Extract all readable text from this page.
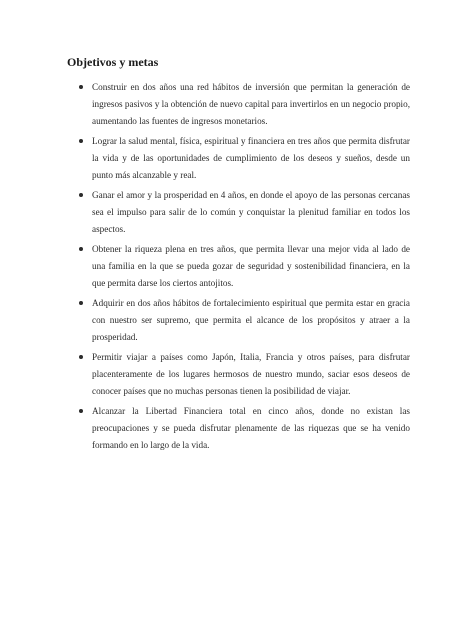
Objetivos y metas
Construir en dos años una red hábitos de inversión que permitan la generación de ingresos pasivos y la obtención de nuevo capital para invertirlos en un negocio propio, aumentando las fuentes de ingresos monetarios.
Lograr la salud mental, física, espiritual y financiera en tres años que permita disfrutar la vida y de las oportunidades de cumplimiento de los deseos y sueños, desde un punto más alcanzable y real.
Ganar el amor y la prosperidad en 4 años, en donde el apoyo de las personas cercanas sea el impulso para salir de lo común y conquistar la plenitud familiar en todos los aspectos.
Obtener la riqueza plena en tres años, que permita llevar una mejor vida al lado de una familia en la que se pueda gozar de seguridad y sostenibilidad financiera, en la que permita darse los ciertos antojitos.
Adquirir en dos años hábitos de fortalecimiento espiritual que permita estar en gracia con nuestro ser supremo, que permita el alcance de los propósitos y atraer a la prosperidad.
Permitir viajar a países como Japón, Italia, Francia y otros países, para disfrutar placenteramente de los lugares hermosos de nuestro mundo, saciar esos deseos de conocer países que no muchas personas tienen la posibilidad de viajar.
Alcanzar la Libertad Financiera total en cinco años, donde no existan las preocupaciones y se pueda disfrutar plenamente de las riquezas que se ha venido formando en lo largo de la vida.
